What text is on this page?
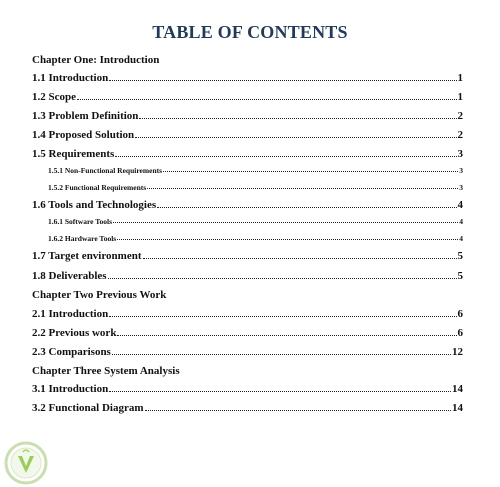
TABLE OF CONTENTS
Chapter One: Introduction
1.1 Introduction	1
1.2 Scope	1
1.3 Problem Definition	2
1.4 Proposed Solution	2
1.5 Requirements	3
1.5.1 Non-Functional Requirements	3
1.5.2 Functional Requirements	3
1.6 Tools and Technologies	4
1.6.1 Software Tools	4
1.6.2 Hardware Tools	4
1.7 Target environment	5
1.8 Deliverables	5
Chapter Two Previous Work
2.1 Introduction	6
2.2 Previous work	6
2.3 Comparisons	12
Chapter Three System Analysis
3.1 Introduction	14
3.2 Functional Diagram	14
